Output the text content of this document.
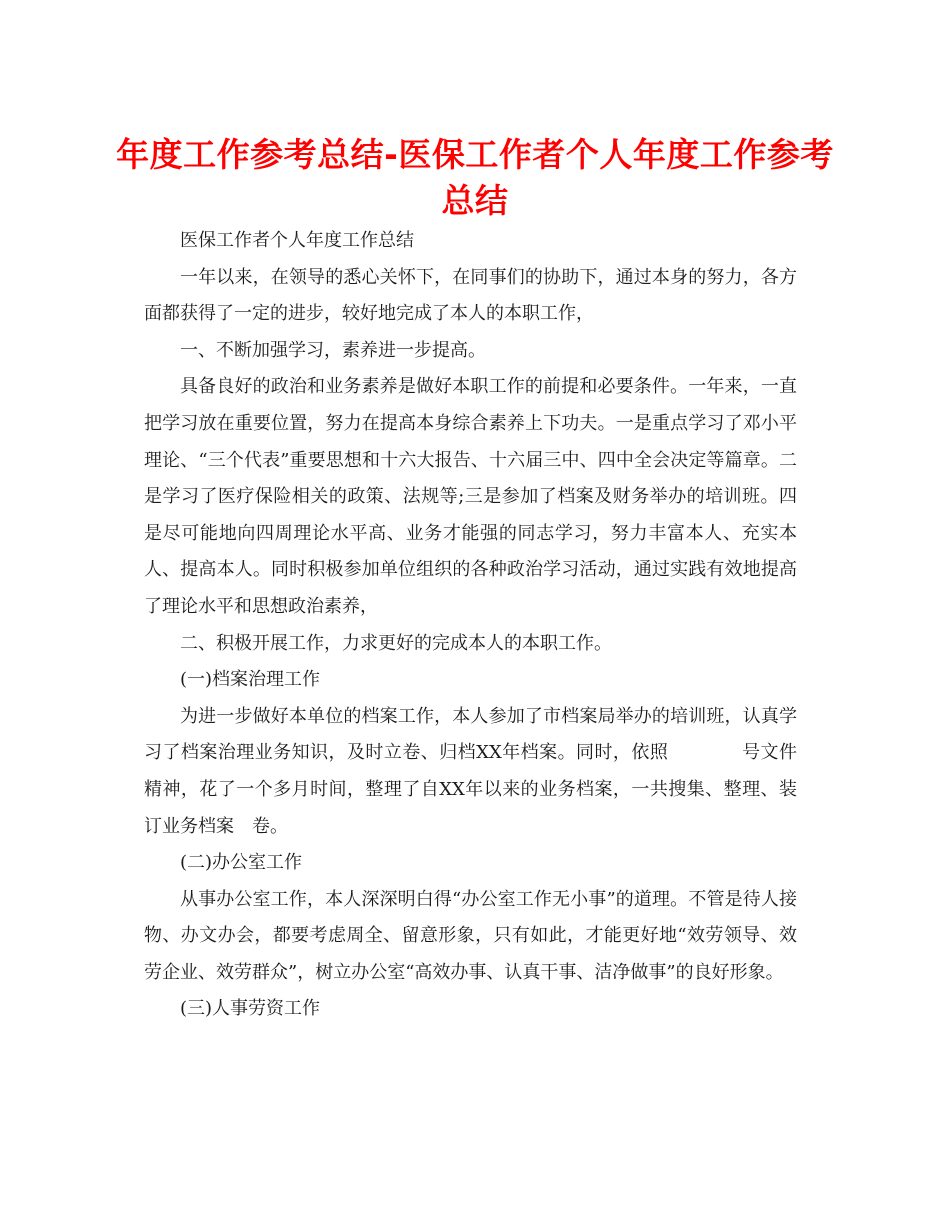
年度工作参考总结-医保工作者个人年度工作参考总结

医保工作者个人年度工作总结

一年以来，在领导的悉心关怀下，在同事们的协助下，通过本身的努力，各方面都获得了一定的进步，较好地完成了本人的本职工作，

一、不断加强学习，素养进一步提高。

具备良好的政治和业务素养是做好本职工作的前提和必要条件。一年来，一直把学习放在重要位置，努力在提高本身综合素养上下功夫。一是重点学习了邓小平理论、“三个代表”重要思想和十六大报告、十六届三中、四中全会决定等篇章。二是学习了医疗保险相关的政策、法规等;三是参加了档案及财务举办的培训班。四是尽可能地向四周理论水平高、业务才能强的同志学习，努力丰富本人、充实本人、提高本人。同时积极参加单位组织的各种政治学习活动，通过实践有效地提高了理论水平和思想政治素养，

二、积极开展工作，力求更好的完成本人的本职工作。

(一)档案治理工作

为进一步做好本单位的档案工作，本人参加了市档案局举办的培训班，认真学习了档案治理业务知识，及时立卷、归档XX年档案。同时，依照　　　　号文件精神，花了一个多月时间，整理了自XX年以来的业务档案，一共搜集、整理、装订业务档案　卷。

(二)办公室工作

从事办公室工作，本人深深明白得“办公室工作无小事”的道理。不管是待人接物、办文办会，都要考虑周全、留意形象，只有如此，才能更好地“效劳领导、效劳企业、效劳群众”，树立办公室“高效办事、认真干事、洁净做事”的良好形象。

(三)人事劳资工作
